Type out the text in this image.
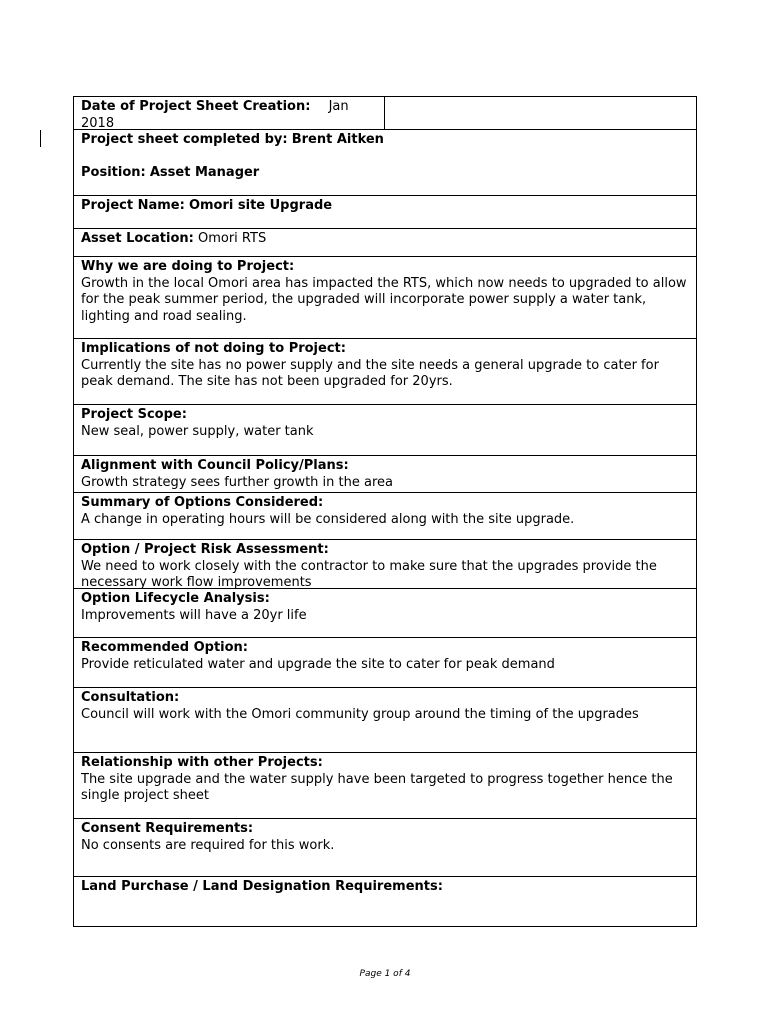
Date of Project Sheet Creation: Jan 2018
Project sheet completed by: Brent Aitken
Position: Asset Manager
Project Name: Omori site Upgrade
Asset Location: Omori RTS
Why we are doing to Project:
Growth in the local Omori area has impacted the RTS, which now needs to upgraded to allow for the peak summer period, the upgraded will incorporate power supply a water tank, lighting and road sealing.
Implications of not doing to Project:
Currently the site has no power supply and the site needs a general upgrade to cater for peak demand. The site has not been upgraded for 20yrs.
Project Scope:
New seal, power supply, water tank
Alignment with Council Policy/Plans:
Growth strategy sees further growth in the area
Summary of Options Considered:
A change in operating hours will be considered along with the site upgrade.
Option / Project Risk Assessment:
We need to work closely with the contractor to make sure that the upgrades provide the necessary work flow improvements
Option Lifecycle Analysis:
Improvements will have a 20yr life
Recommended Option:
Provide reticulated water and upgrade the site to cater for peak demand
Consultation:
Council will work with the Omori community group around the timing of the upgrades
Relationship with other Projects:
The site upgrade and the water supply have been targeted to progress together hence the single project sheet
Consent Requirements:
No consents are required for this work.
Land Purchase / Land Designation Requirements:
Page 1 of 4
